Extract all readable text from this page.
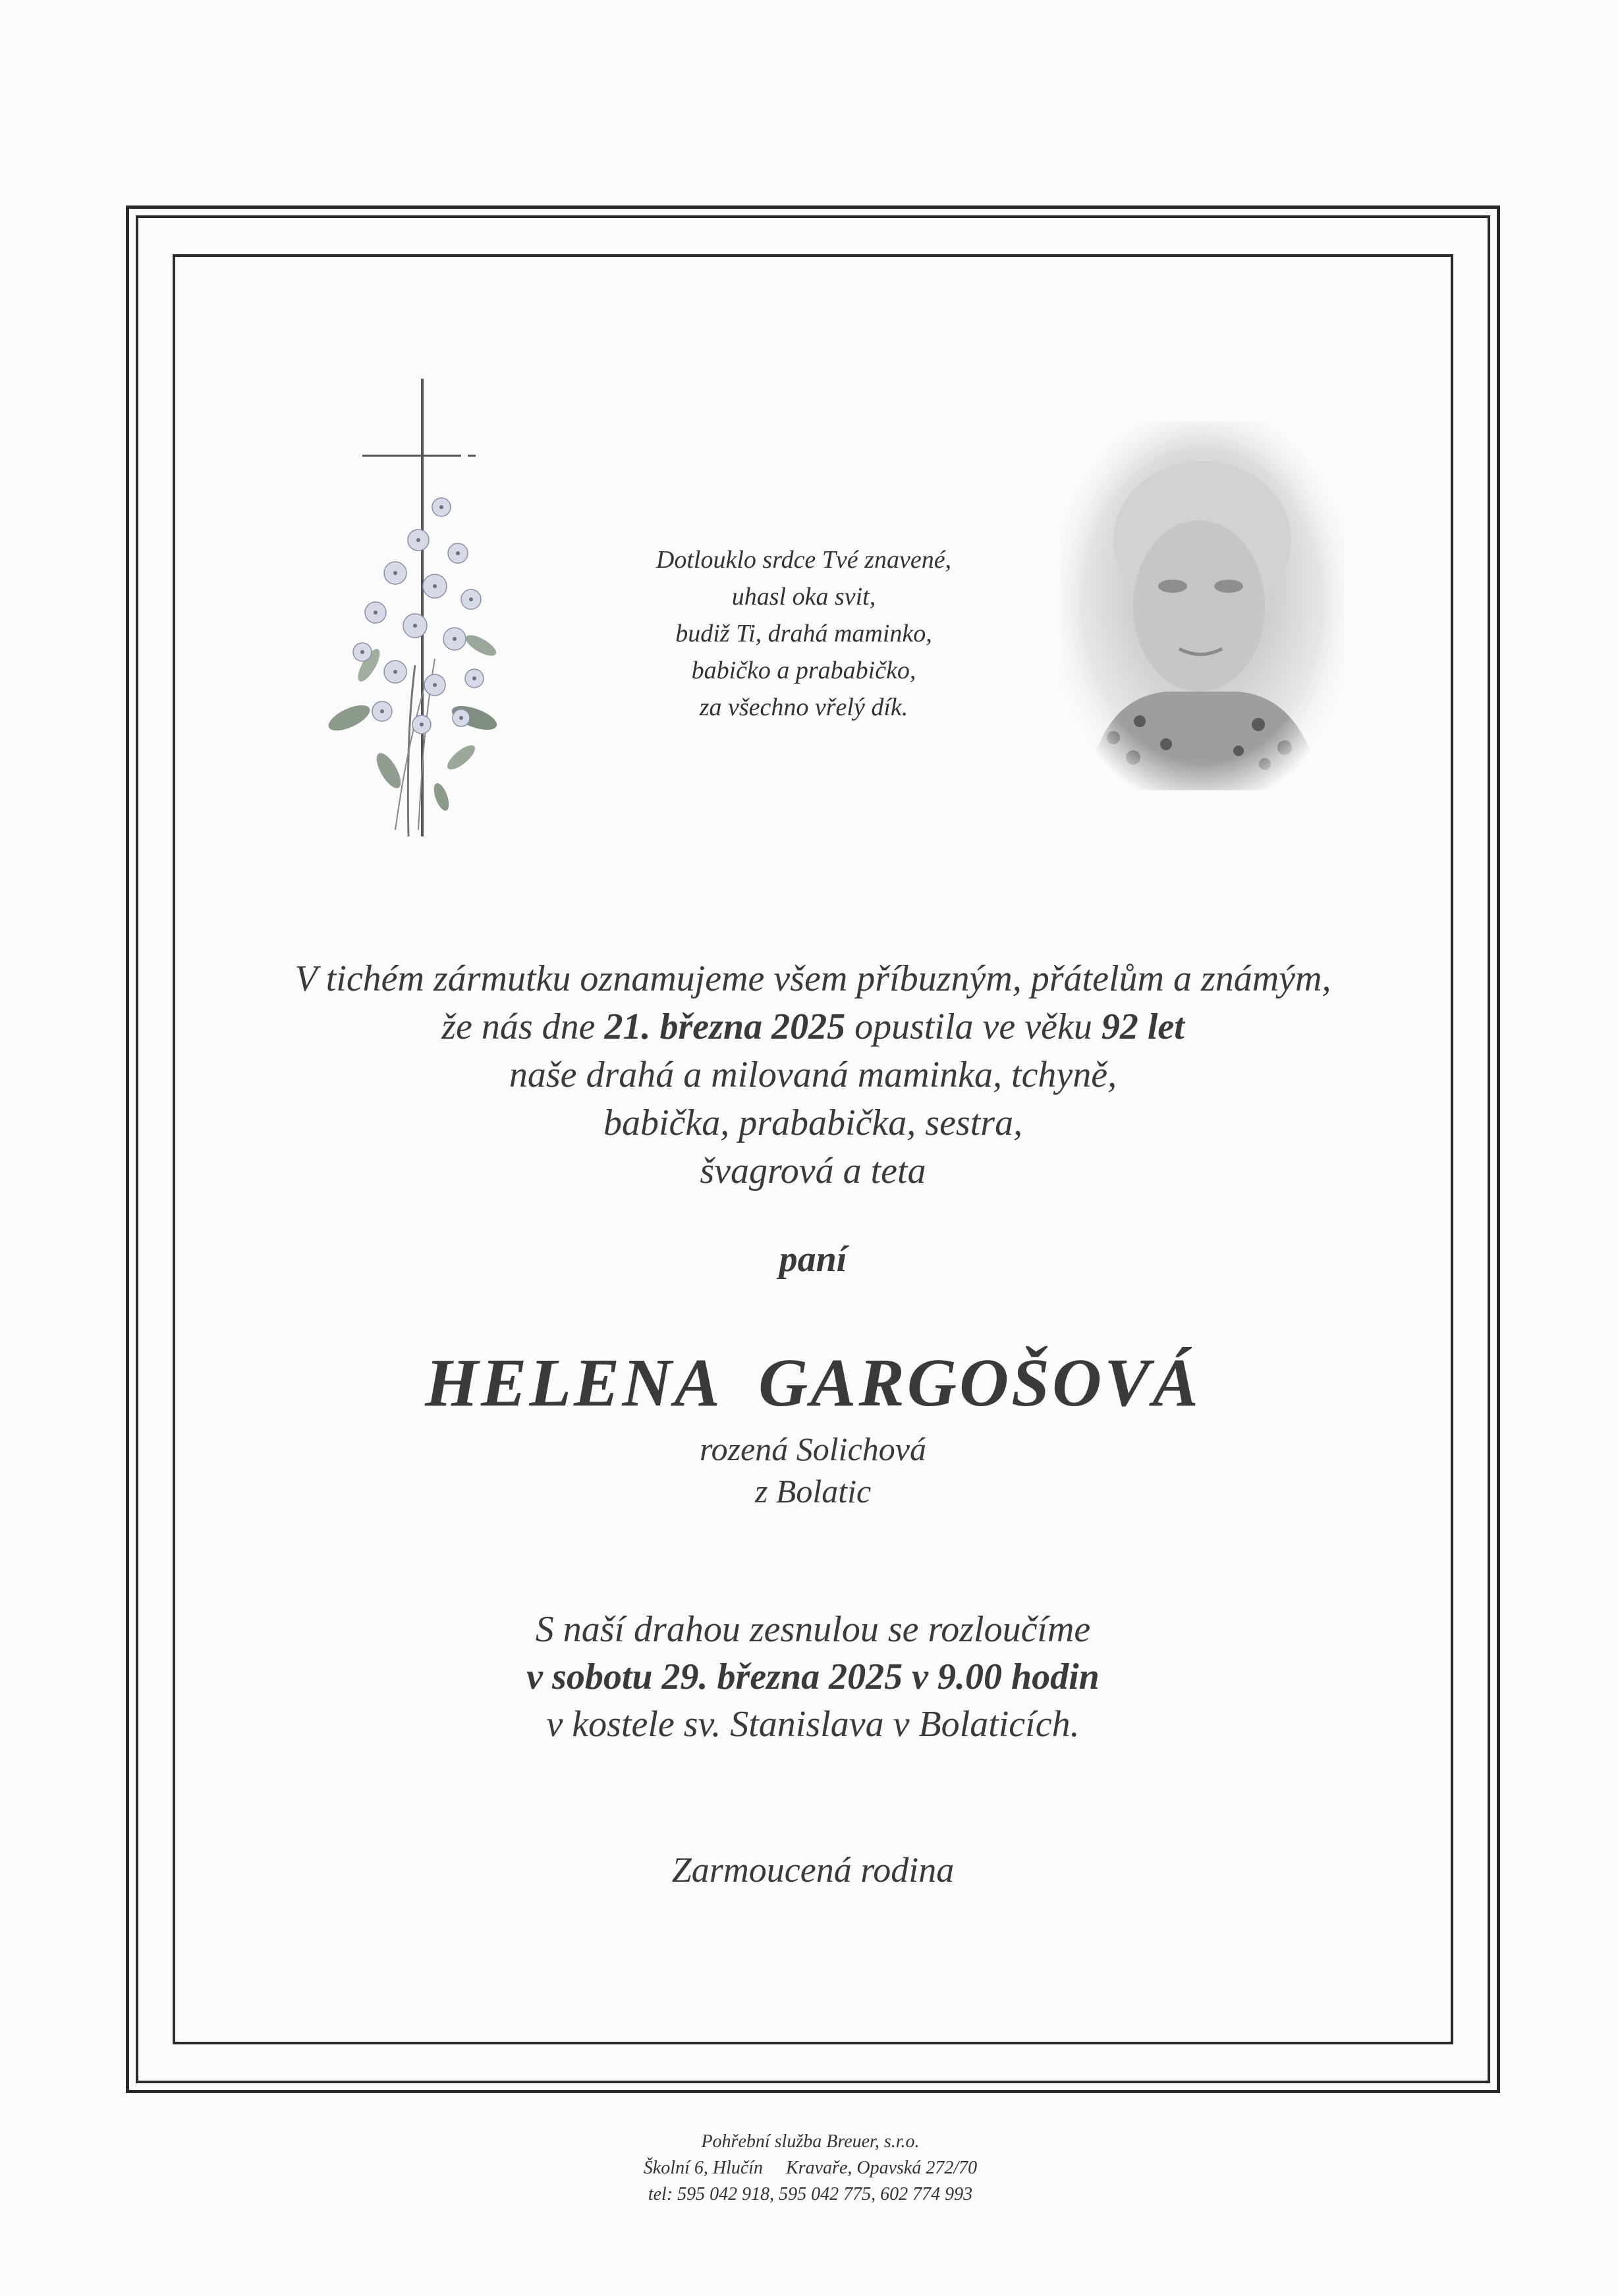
Dotlouklo srdce Tvé znavené,
uhasl oka svit,
budiž Ti, drahá maminko,
babičko a prababičko,
za všechno vřelý dík.
V tichém zármutku oznamujeme všem příbuzným, přátelům a známým,
že nás dne 21. března 2025 opustila ve věku 92 let
naše drahá a milovaná maminka, tchyně,
babička, prababička, sestra,
švagrová a teta
paní
HELENA GARGOŠOVÁ
rozená Solichová
z Bolatic
S naší drahou zesnulou se rozloučíme
v sobotu 29. března 2025 v 9.00 hodin
v kostele sv. Stanislava v Bolaticích.
Zarmoucená rodina
Pohřební služba Breuer, s.r.o.
Školní 6, Hlučín     Kravaře, Opavská 272/70
tel: 595 042 918, 595 042 775, 602 774 993
